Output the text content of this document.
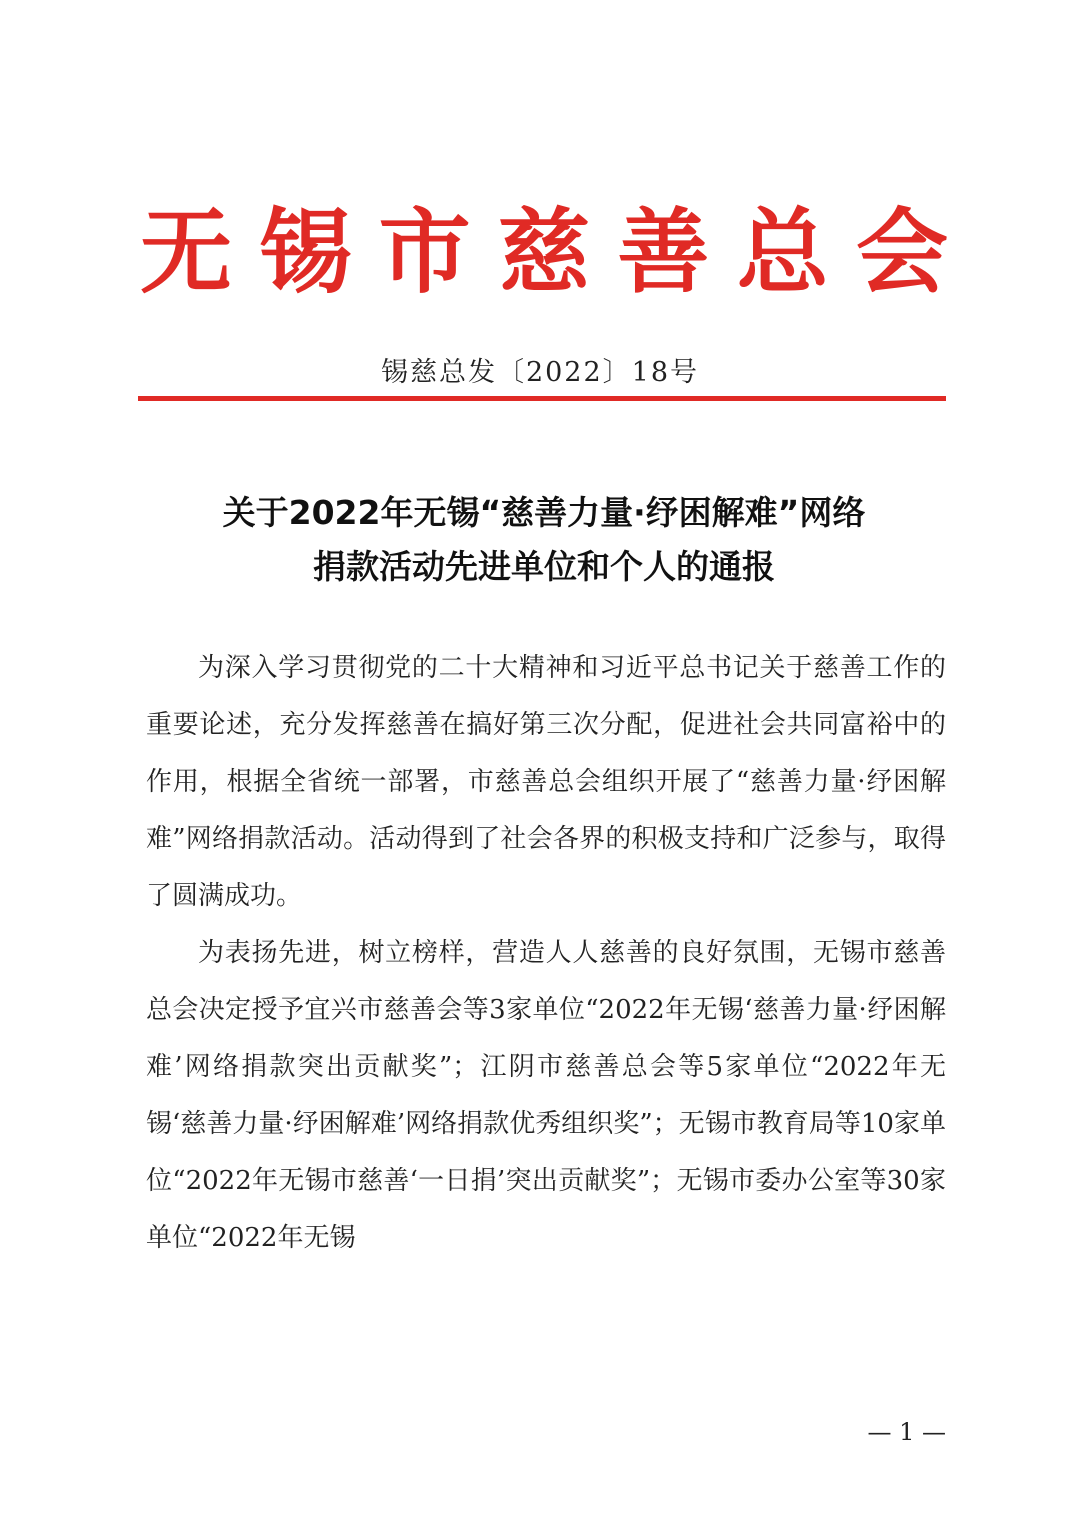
无 锡 市 慈 善 总 会
锡慈总发〔2022〕18号
关于2022年无锡“慈善力量·纾困解难”网络
捐款活动先进单位和个人的通报

为深入学习贯彻党的二十大精神和习近平总书记关于慈善工作的重要论述，充分发挥慈善在搞好第三次分配，促进社会共同富裕中的作用，根据全省统一部署，市慈善总会组织开展了“慈善力量·纾困解难”网络捐款活动。活动得到了社会各界的积极支持和广泛参与，取得了圆满成功。

为表扬先进，树立榜样，营造人人慈善的良好氛围，无锡市慈善总会决定授予宜兴市慈善会等3家单位“2022年无锡‘慈善力量·纾困解难’网络捐款突出贡献奖”；江阴市慈善总会等5家单位“2022年无锡‘慈善力量·纾困解难’网络捐款优秀组织奖”；无锡市教育局等10家单位“2022年无锡市慈善‘一日捐’突出贡献奖”；无锡市委办公室等30家单位“2022年无锡

— 1 —
